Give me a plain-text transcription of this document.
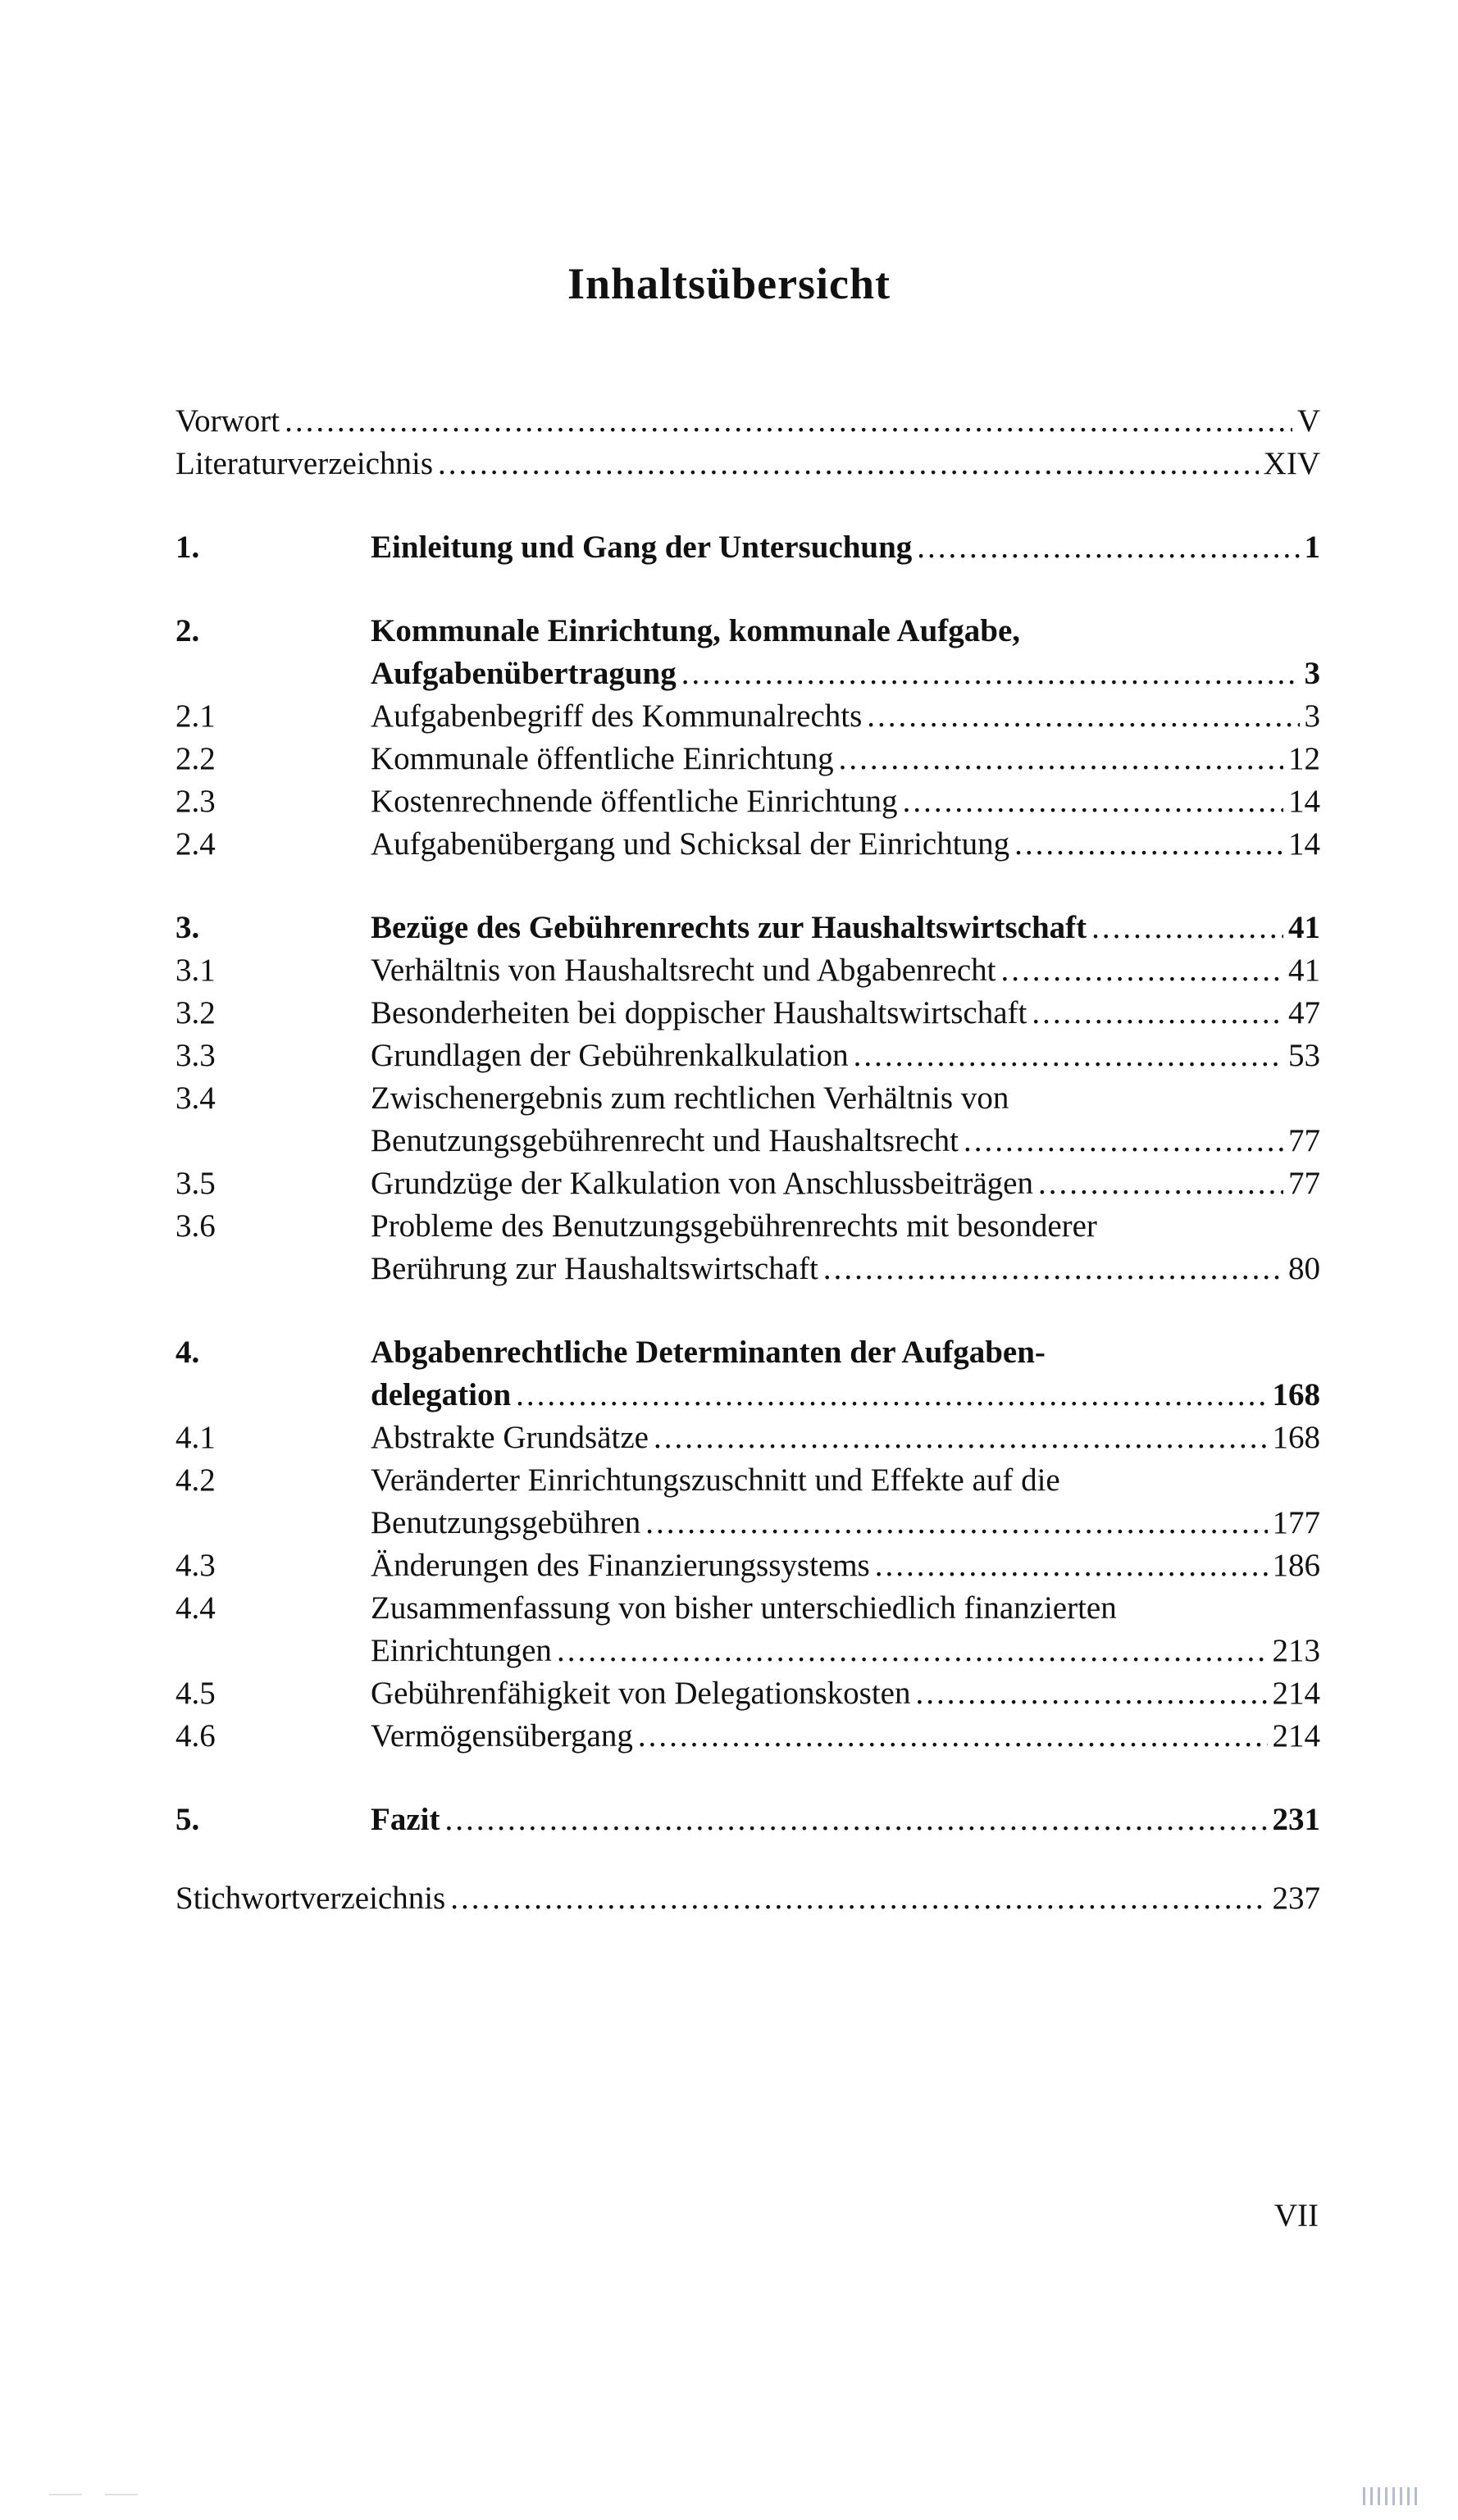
Inhaltsübersicht
Vorwort .....	V
Literaturverzeichnis .....	XIV
1.	Einleitung und Gang der Untersuchung .....	1
2.	Kommunale Einrichtung, kommunale Aufgabe,
Aufgabenübertragung .....	3
2.1	Aufgabenbegriff des Kommunalrechts .....	3
2.2	Kommunale öffentliche Einrichtung .....	12
2.3	Kostenrechnende öffentliche Einrichtung .....	14
2.4	Aufgabenübergang und Schicksal der Einrichtung .....	14
3.	Bezüge des Gebührenrechts zur Haushaltswirtschaft .....	41
3.1	Verhältnis von Haushaltsrecht und Abgabenrecht .....	41
3.2	Besonderheiten bei doppischer Haushaltswirtschaft .....	47
3.3	Grundlagen der Gebührenkalkulation .....	53
3.4	Zwischenergebnis zum rechtlichen Verhältnis von
Benutzungsgebührenrecht und Haushaltsrecht .....	77
3.5	Grundzüge der Kalkulation von Anschlussbeiträgen .....	77
3.6	Probleme des Benutzungsgebührenrechts mit besonderer
Berührung zur Haushaltswirtschaft .....	80
4.	Abgabenrechtliche Determinanten der Aufgaben-
delegation .....	168
4.1	Abstrakte Grundsätze .....	168
4.2	Veränderter Einrichtungszuschnitt und Effekte auf die
Benutzungsgebühren .....	177
4.3	Änderungen des Finanzierungssystems .....	186
4.4	Zusammenfassung von bisher unterschiedlich finanzierten
Einrichtungen .....	213
4.5	Gebührenfähigkeit von Delegationskosten .....	214
4.6	Vermögensübergang .....	214
5.	Fazit .....	231
Stichwortverzeichnis .....	237
VII
